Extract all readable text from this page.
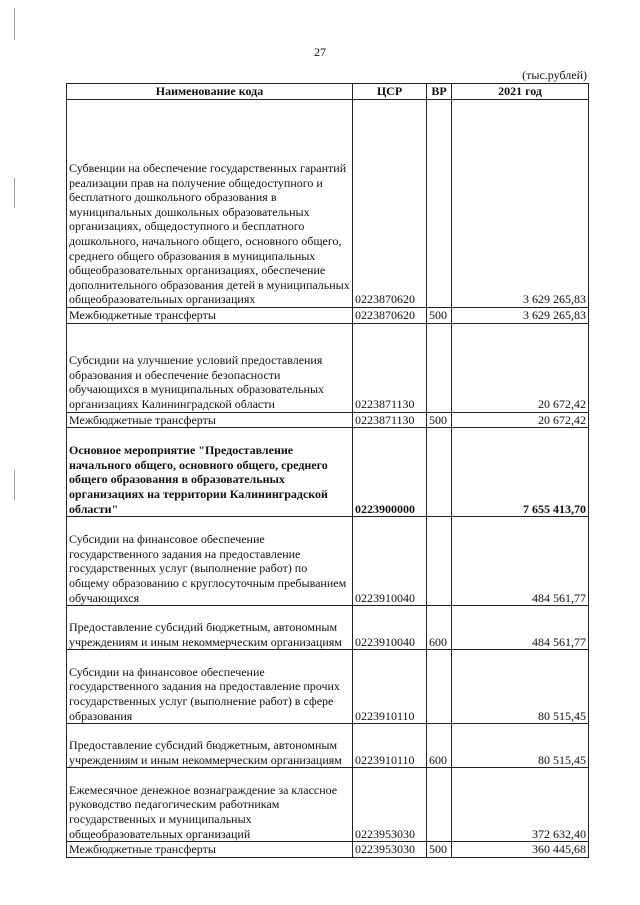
27
(тыс.рублей)
Наименование кода	ЦСР	ВР	2021 год
Субвенции на обеспечение государственных гарантий реализации прав на получение общедоступного и бесплатного дошкольного образования в муниципальных дошкольных образовательных организациях, общедоступного и бесплатного дошкольного, начального общего, основного общего, среднего общего образования в муниципальных общеобразовательных организациях, обеспечение дополнительного образования детей в муниципальных общеобразовательных организациях	0223870620		3 629 265,83
Межбюджетные трансферты	0223870620	500	3 629 265,83
Субсидии на улучшение условий предоставления образования и обеспечение безопасности обучающихся в муниципальных образовательных организациях Калининградской области	0223871130		20 672,42
Межбюджетные трансферты	0223871130	500	20 672,42
Основное мероприятие "Предоставление начального общего, основного общего, среднего общего образования в образовательных организациях на территории Калининградской области"	0223900000		7 655 413,70
Субсидии на финансовое обеспечение государственного задания на предоставление государственных услуг (выполнение работ) по общему образованию с круглосуточным пребыванием обучающихся	0223910040		484 561,77
Предоставление субсидий бюджетным, автономным учреждениям и иным некоммерческим организациям	0223910040	600	484 561,77
Субсидии на финансовое обеспечение государственного задания на предоставление прочих государственных услуг (выполнение работ) в сфере образования	0223910110		80 515,45
Предоставление субсидий бюджетным, автономным учреждениям и иным некоммерческим организациям	0223910110	600	80 515,45
Ежемесячное денежное вознаграждение за классное руководство педагогическим работникам государственных и муниципальных общеобразовательных организаций	0223953030		372 632,40
Межбюджетные трансферты	0223953030	500	360 445,68
